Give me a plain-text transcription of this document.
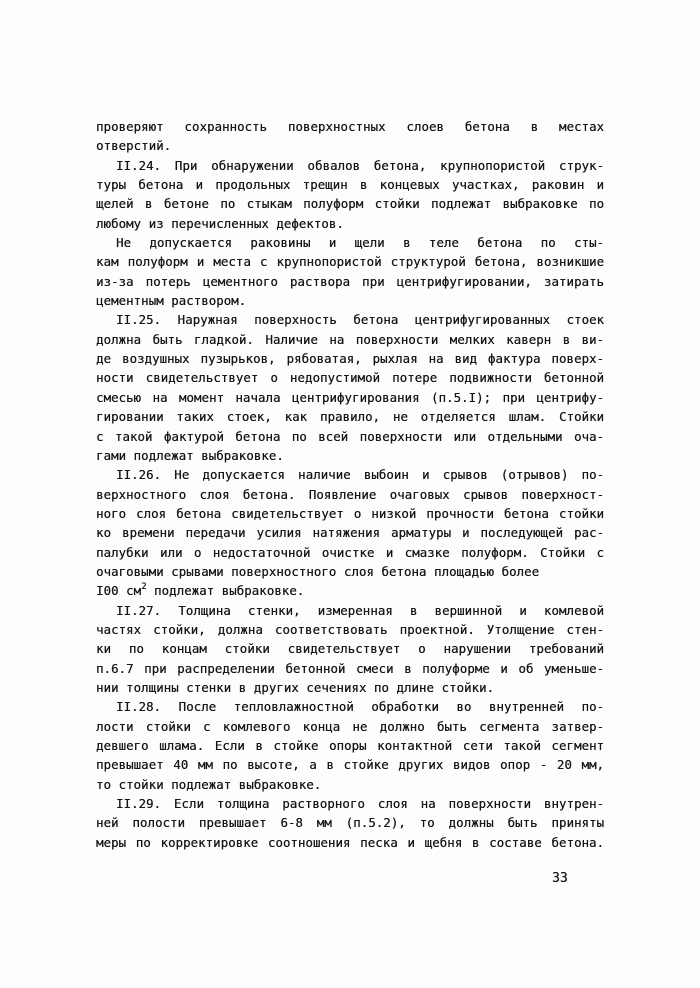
проверяют сохранность поверхностных слоев бетона в местах
отверстий.
II.24. При обнаружении обвалов бетона, крупнопористой струк-
туры бетона и продольных трещин в концевых участках, раковин и
щелей в бетоне по стыкам полуформ стойки подлежат выбраковке по
любому из перечисленных дефектов.
Не допускается раковины и щели в теле бетона по сты-
кам полуформ и места с крупнопористой структурой бетона, возникшие
из-за потерь цементного раствора при центрифугировании, затирать
цементным раствором.
II.25. Наружная поверхность бетона центрифугированных стоек
должна быть гладкой. Наличие на поверхности мелких каверн в ви-
де воздушных пузырьков, рябоватая, рыхлая на вид фактура поверх-
ности свидетельствует о недопустимой потере подвижности бетонной
смесью на момент начала центрифугирования (п.5.I); при центрифу-
гировании таких стоек, как правило, не отделяется шлам. Стойки
с такой фактурой бетона по всей поверхности или отдельными оча-
гами подлежат выбраковке.
II.26. Не допускается наличие выбоин и срывов (отрывов) по-
верхностного слоя бетона. Появление очаговых срывов поверхност-
ного слоя бетона свидетельствует о низкой прочности бетона стойки
ко времени передачи усилия натяжения арматуры и последующей рас-
палубки или о недостаточной очистке и смазке полуформ. Стойки с
очаговыми срывами поверхностного слоя бетона площадью более
I00 $см^2$ подлежат выбраковке.
II.27. Толщина стенки, измеренная в вершинной и комлевой
частях стойки, должна соответствовать проектной. Утолщение стен-
ки по концам стойки свидетельствует о нарушении требований
п.6.7 при распределении бетонной смеси в полуформе и об уменьше-
нии толщины стенки в других сечениях по длине стойки.
II.28. После тепловлажностной обработки во внутренней по-
лости стойки с комлевого конца не должно быть сегмента затвер-
девшего шлама. Если в стойке опоры контактной сети такой сегмент
превышает 40 мм по высоте, а в стойке других видов опор - 20 мм,
то стойки подлежат выбраковке.
II.29. Если толщина растворного слоя на поверхности внутрен-
ней полости превышает 6-8 мм (п.5.2), то должны быть приняты
меры по корректировке соотношения песка и щебня в составе бетона.
33
